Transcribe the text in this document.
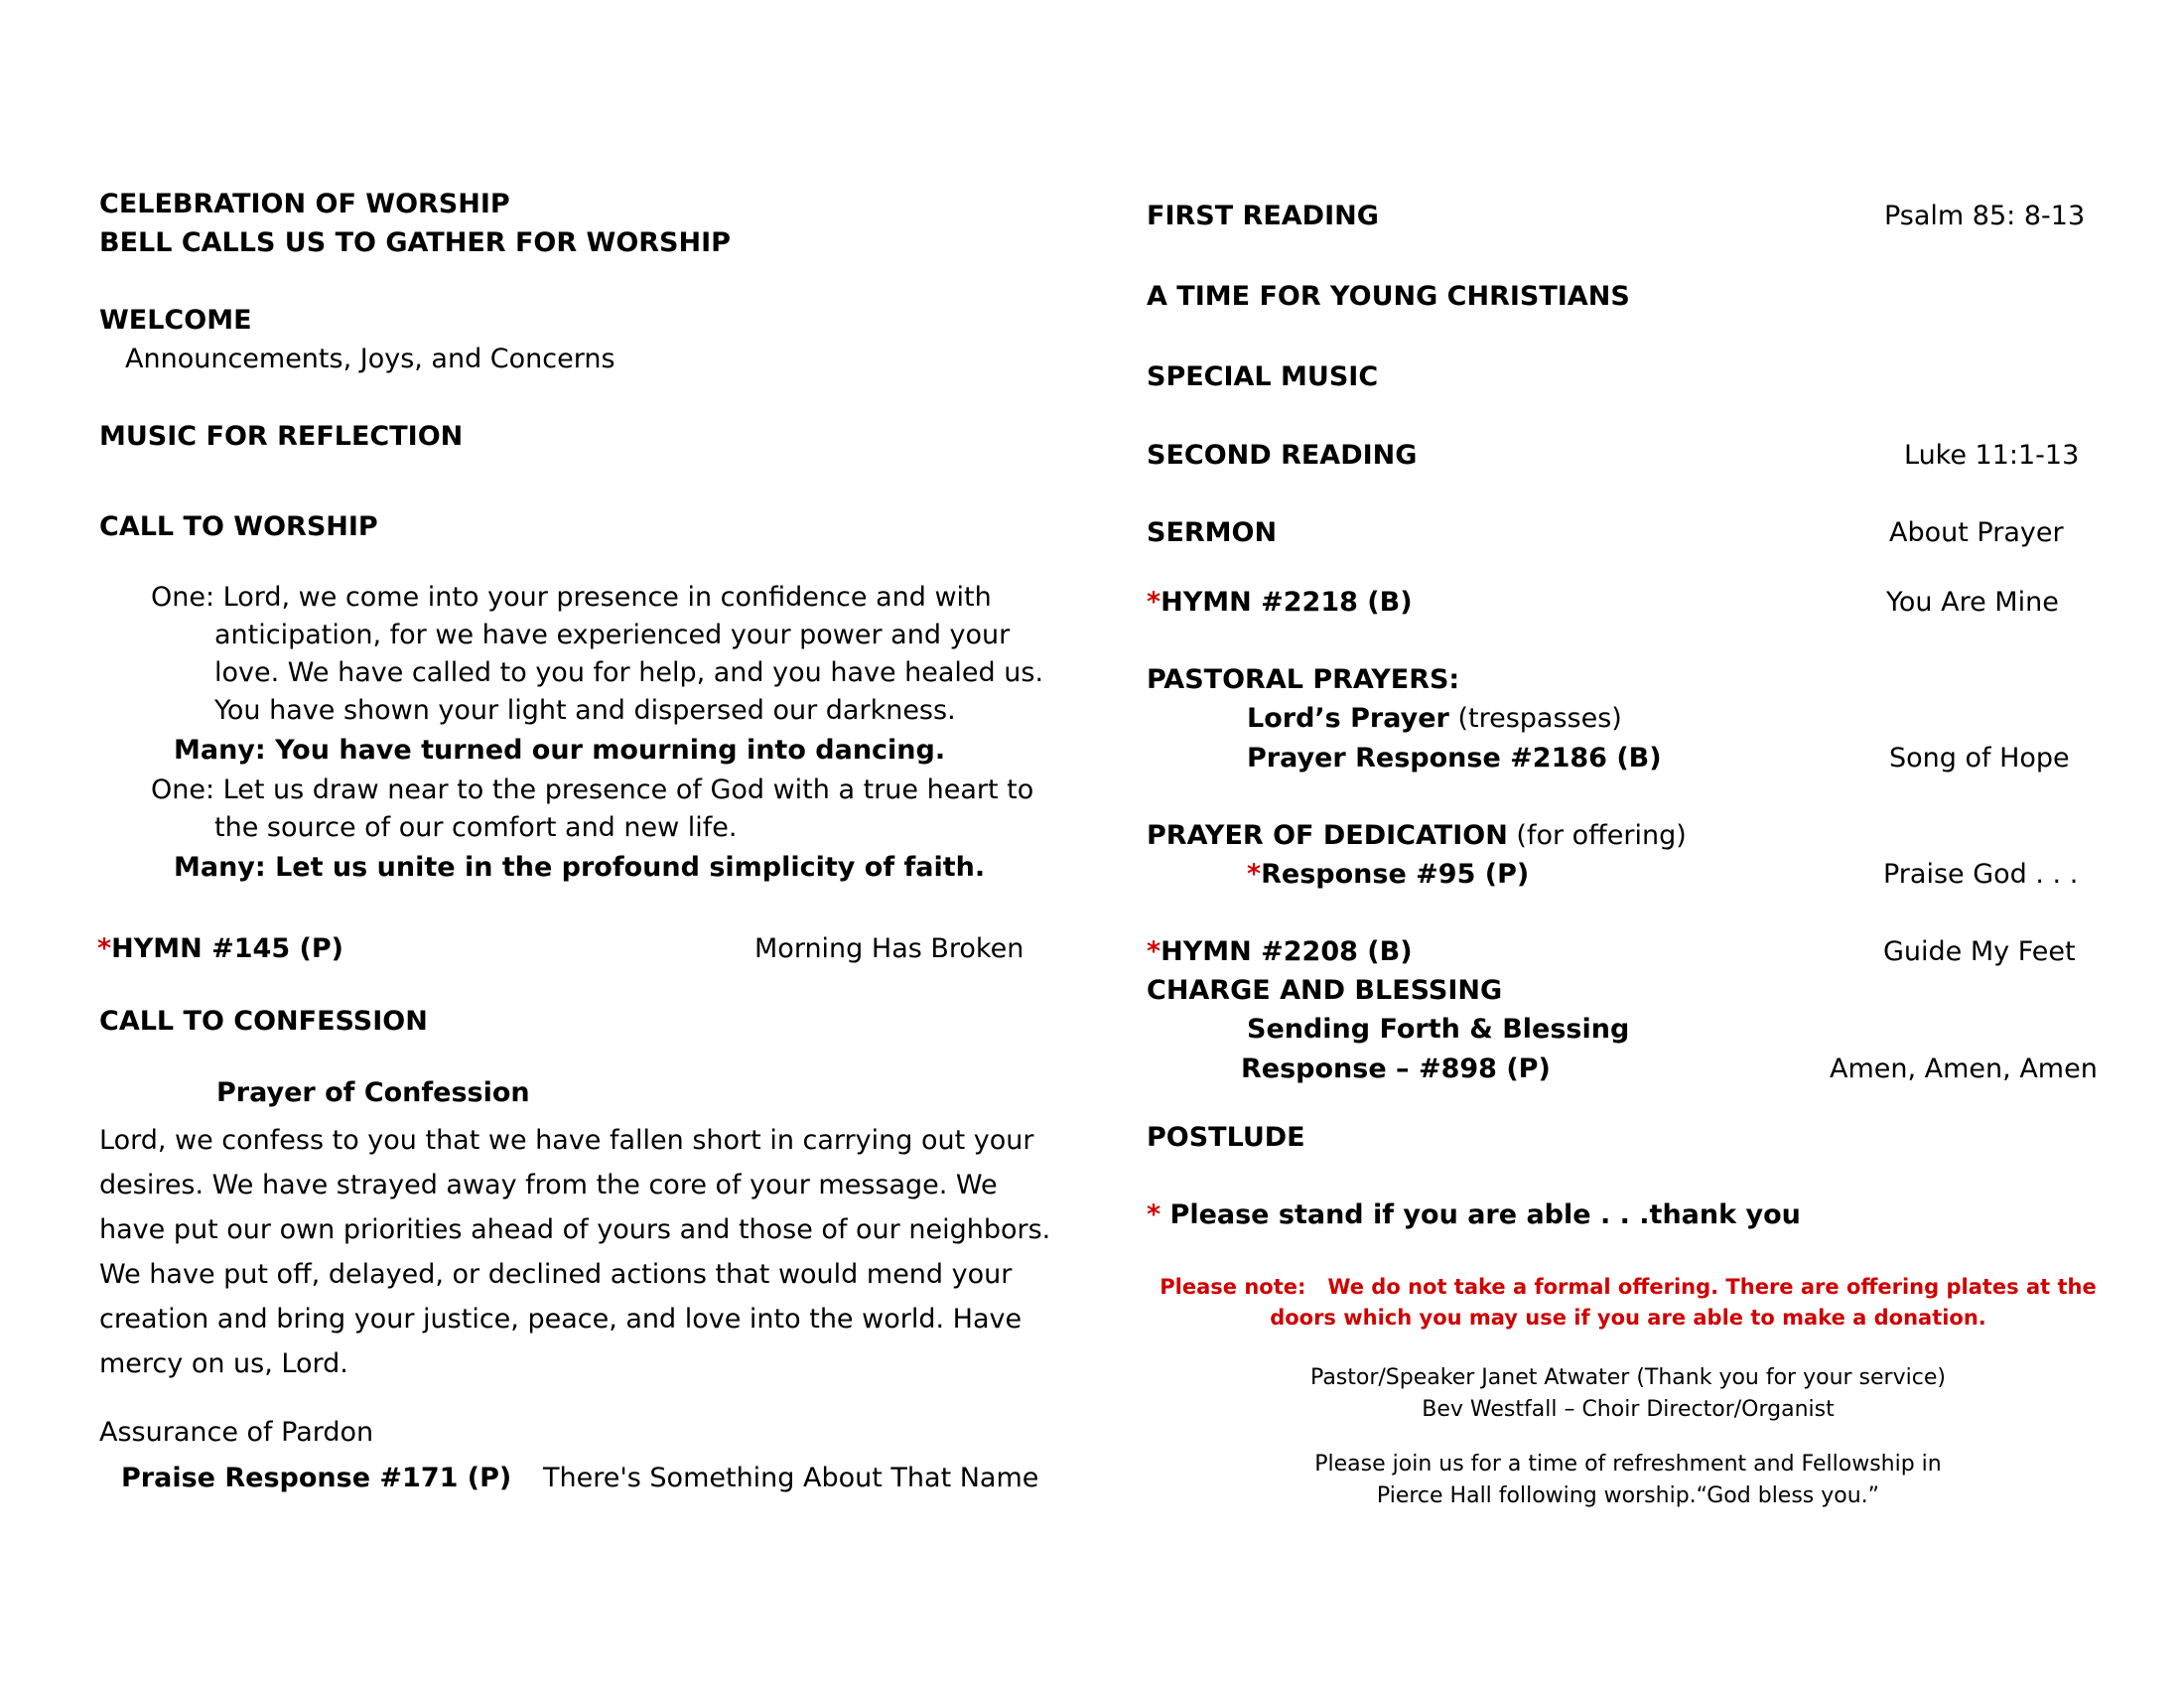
CELEBRATION OF WORSHIP
BELL CALLS US TO GATHER FOR WORSHIP
WELCOME
Announcements, Joys, and Concerns
MUSIC FOR REFLECTION
CALL TO WORSHIP
One: Lord, we come into your presence in confidence and with
anticipation, for we have experienced your power and your
love. We have called to you for help, and you have healed us.
You have shown your light and dispersed our darkness.
Many: You have turned our mourning into dancing.
One: Let us draw near to the presence of God with a true heart to
the source of our comfort and new life.
Many: Let us unite in the profound simplicity of faith.
*HYMN #145 (P)	Morning Has Broken
CALL TO CONFESSION
Prayer of Confession
Lord, we confess to you that we have fallen short in carrying out your desires. We have strayed away from the core of your message. We have put our own priorities ahead of yours and those of our neighbors. We have put off, delayed, or declined actions that would mend your creation and bring your justice, peace, and love into the world. Have mercy on us, Lord.
Assurance of Pardon
Praise Response #171 (P) There's Something About That Name
FIRST READING	Psalm 85: 8-13
A TIME FOR YOUNG CHRISTIANS
SPECIAL MUSIC
SECOND READING	Luke 11:1-13
SERMON	About Prayer
*HYMN #2218 (B)	You Are Mine
PASTORAL PRAYERS:
Lord’s Prayer (trespasses)
Prayer Response #2186 (B)	Song of Hope
PRAYER OF DEDICATION (for offering)
*Response #95 (P)	Praise God . . .
*HYMN #2208 (B)	Guide My Feet
CHARGE AND BLESSING
Sending Forth & Blessing
Response – #898 (P)	Amen, Amen, Amen
POSTLUDE
* Please stand if you are able . . .thank you
Please note: We do not take a formal offering. There are offering plates at the doors which you may use if you are able to make a donation.
Pastor/Speaker Janet Atwater (Thank you for your service)
Bev Westfall – Choir Director/Organist
Please join us for a time of refreshment and Fellowship in
Pierce Hall following worship.“God bless you.”
